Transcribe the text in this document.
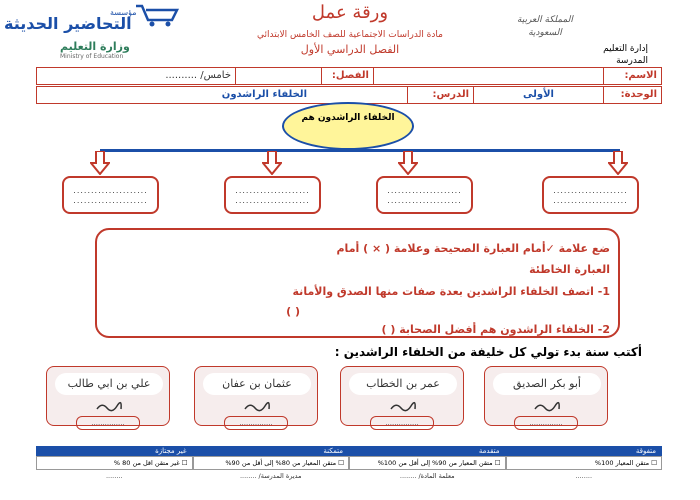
مؤسسة
التحاضير الحديثة
وزارة التعليم
Ministry of Education
ورقة عمل
مادة الدراسات الاجتماعية للصف الخامس الابتدائي
الفصل الدراسي الأول
المملكة العربية السعودية
إدارة التعليم
المدرسة
الاسم:
الفصل:
خامس/ ..........
الوحدة:
الأولى
الدرس:
الخلفاء الراشدون
الخلفاء الراشدون هم
.....................
.....................
.....................
.....................
.....................
.....................
.....................
.....................
ضع علامة ✓أمام العبارة الصحيحة وعلامة ( × ) أمام
العبارة الخاطئة
1- اتصف الخلفاء الراشدين بعدة صفات منها الصدق والأمانة
( )
2- الخلفاء الراشدون هم أفضل الصحابة ( )
أكتب سنة بدء تولي كل خليفة من الخلفاء الراشدين :
أبو بكر الصديق
عمر بن الخطاب
عثمان بن عفان
علي بن ابي طالب
...............
...............
...............
...............
متفوقة
☐ متقن المعيار 100%
........
متقدمة
☐ متقن المعيار من 90% إلى أقل من 100%
معلمة المادة/ ........
متمكنة
☐ متقن المعيار من 80% إلى أقل من 90%
مديرة المدرسة/ ........
غير مجتازة
☐ غير متقن اقل من 80 %
........
